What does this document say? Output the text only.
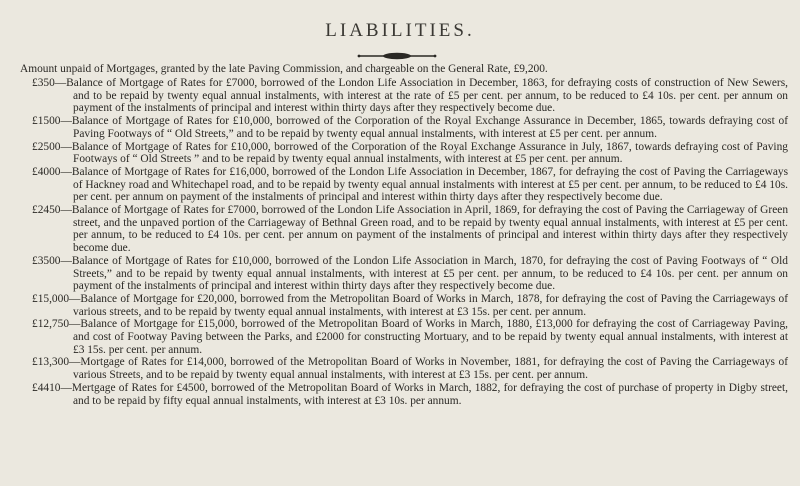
LIABILITIES.
Amount unpaid of Mortgages, granted by the late Paving Commission, and chargeable on the General Rate, £9,200.

£350—Balance of Mortgage of Rates for £7000, borrowed of the London Life Association in December, 1863, for defraying costs of construction of New Sewers, and to be repaid by twenty equal annual instalments, with interest at the rate of £5 per cent. per annum, to be reduced to £4 10s. per cent. per annum on payment of the instalments of principal and interest within thirty days after they respectively become due.

£1500—Balance of Mortgage of Rates for £10,000, borrowed of the Corporation of the Royal Exchange Assurance in December, 1865, towards defraying cost of Paving Footways of “ Old Streets,” and to be repaid by twenty equal annual instalments, with interest at £5 per cent. per annum.

£2500—Balance of Mortgage of Rates for £10,000, borrowed of the Corporation of the Royal Exchange Assurance in July, 1867, towards defraying cost of Paving Footways of “ Old Streets ” and to be repaid by twenty equal annual instalments, with interest at £5 per cent. per annum.

£4000—Balance of Mortgage of Rates for £16,000, borrowed of the London Life Association in December, 1867, for defraying the cost of Paving the Carriageways of Hackney road and Whitechapel road, and to be repaid by twenty equal annual instalments with interest at £5 per cent. per annum, to be reduced to £4 10s. per cent. per annum on payment of the instalments of principal and interest within thirty days after they respectively become due.

£2450—Balance of Mortgage of Rates for £7000, borrowed of the London Life Association in April, 1869, for defraying the cost of Paving the Carriageway of Green street, and the unpaved portion of the Carriageway of Bethnal Green road, and to be repaid by twenty equal annual instalments, with interest at £5 per cent. per annum, to be reduced to £4 10s. per cent. per annum on payment of the instalments of principal and interest within thirty days after they respectively become due.

£3500—Balance of Mortgage of Rates for £10,000, borrowed of the London Life Association in March, 1870, for defraying the cost of Paving Footways of “ Old Streets,” and to be repaid by twenty equal annual instalments, with interest at £5 per cent. per annum, to be reduced to £4 10s. per cent. per annum on payment of the instalments of principal and interest within thirty days after they respectively become due.

£15,000—Balance of Mortgage for £20,000, borrowed from the Metropolitan Board of Works in March, 1878, for defraying the cost of Paving the Carriageways of various streets, and to be repaid by twenty equal annual instalments, with interest at £3 15s. per cent. per annum.

£12,750—Balance of Mortgage for £15,000, borrowed of the Metropolitan Board of Works in March, 1880, £13,000 for defraying the cost of Carriageway Paving, and cost of Footway Paving between the Parks, and £2000 for constructing Mortuary, and to be repaid by twenty equal annual instalments, with interest at £3 15s. per cent. per annum.

£13,300—Mortgage of Rates for £14,000, borrowed of the Metropolitan Board of Works in November, 1881, for defraying the cost of Paving the Carriageways of various Streets, and to be repaid by twenty equal annual instalments, with interest at £3 15s. per cent. per annum.

£4410—Mertgage of Rates for £4500, borrowed of the Metropolitan Board of Works in March, 1882, for defraying the cost of purchase of property in Digby street, and to be repaid by fifty equal annual instalments, with interest at £3 10s. per annum.
